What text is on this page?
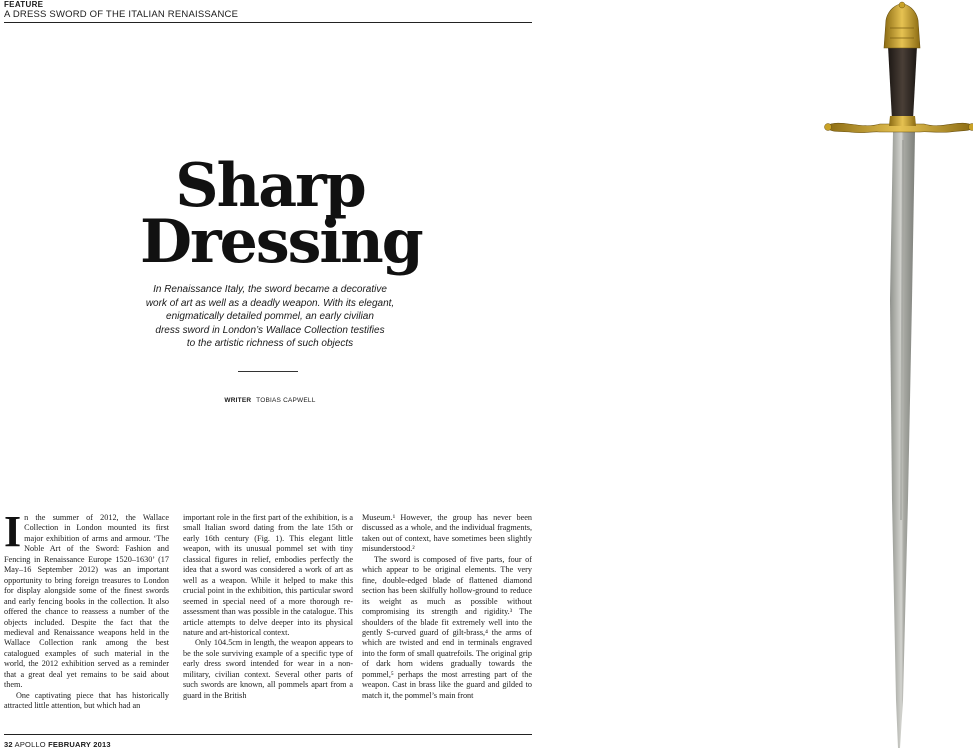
FEATURE
A DRESS SWORD OF THE ITALIAN RENAISSANCE
Sharp
Dressing
In Renaissance Italy, the sword became a decorative
work of art as well as a deadly weapon. With its elegant,
enigmatically detailed pommel, an early civilian
dress sword in London’s Wallace Collection testifies
to the artistic richness of such objects
WRITER TOBIAS CAPWELL

In the summer of 2012, the Wallace Collection in London mounted its first major exhibition of arms and armour. ‘The Noble Art of the Sword: Fashion and Fencing in Renaissance Europe 1520–1630’ (17 May–16 September 2012) was an important opportunity to bring foreign treasures to London for display alongside some of the finest swords and early fencing books in the collection. It also offered the chance to reassess a number of the objects included. Despite the fact that the medieval and Renaissance weapons held in the Wallace Collection rank among the best catalogued examples of such material in the world, the 2012 exhibition served as a reminder that a great deal yet remains to be said about them.

One captivating piece that has historically attracted little attention, but which had an

important role in the first part of the exhibition, is a small Italian sword dating from the late 15th or early 16th century (Fig. 1). This elegant little weapon, with its unusual pommel set with tiny classical figures in relief, embodies perfectly the idea that a sword was considered a work of art as well as a weapon. While it helped to make this crucial point in the exhibition, this particular sword seemed in special need of a more thorough re-assessment than was possible in the catalogue. This article attempts to delve deeper into its physical nature and art-historical context.

Only 104.5cm in length, the weapon appears to be the sole surviving example of a specific type of early dress sword intended for wear in a non-military, civilian context. Several other parts of such swords are known, all pommels apart from a guard in the British

Museum.¹ However, the group has never been discussed as a whole, and the individual fragments, taken out of context, have sometimes been slightly misunderstood.²

The sword is composed of five parts, four of which appear to be original elements. The very fine, double-edged blade of flattened diamond section has been skilfully hollow-ground to reduce its weight as much as possible without compromising its strength and rigidity.³ The shoulders of the blade fit extremely well into the gently S-curved guard of gilt-brass,⁴ the arms of which are twisted and end in terminals engraved into the form of small quatrefoils. The original grip of dark horn widens gradually towards the pommel,⁵ perhaps the most arresting part of the weapon. Cast in brass like the guard and gilded to match it, the pommel’s main front

32 APOLLO FEBRUARY 2013
